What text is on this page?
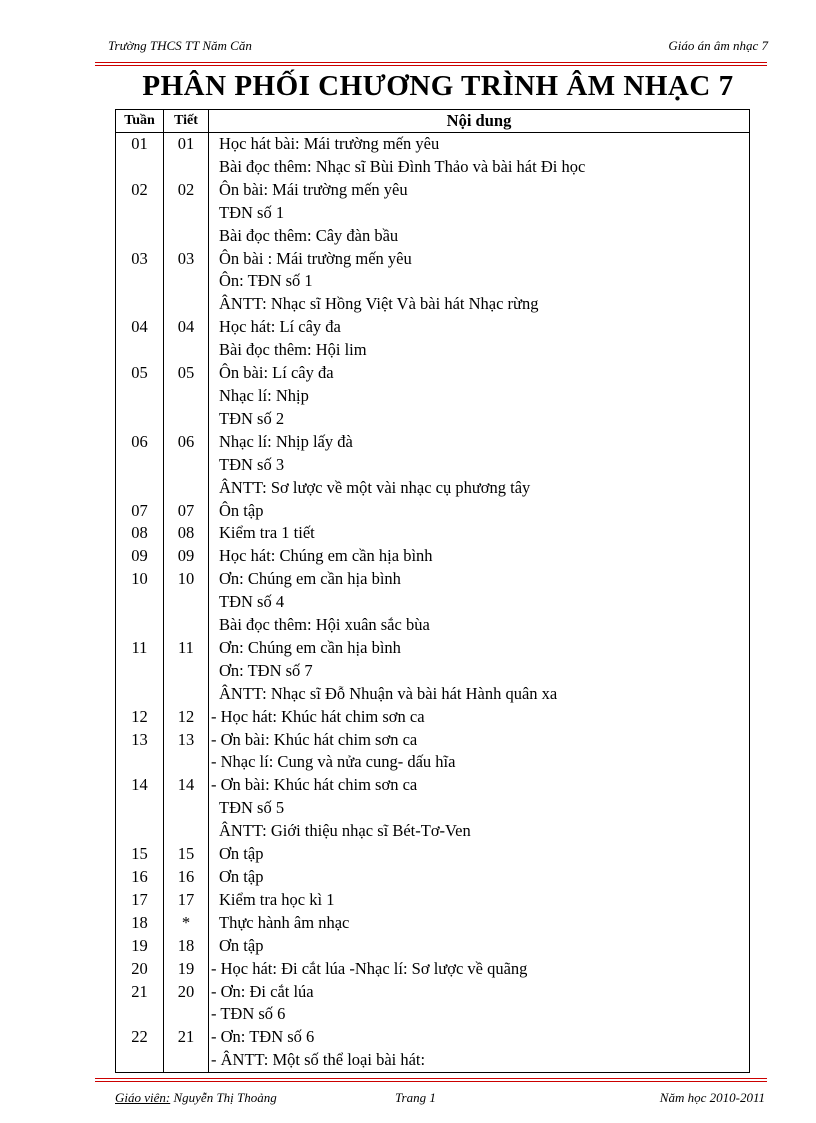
Trường THCS TT Năm Căn	Giáo án âm nhạc 7
PHÂN PHỐI CHƯƠNG TRÌNH ÂM NHẠC 7
Tuần	Tiết	Nội dung
01	01	Học hát bài: Mái trường mến yêu
		Bài đọc thêm: Nhạc sĩ Bùi Đình Thảo và bài hát Đi học
02	02	Ôn bài: Mái trường mến yêu
		TĐN số 1
		Bài đọc thêm: Cây đàn bầu
03	03	Ôn bài : Mái trường mến yêu
		Ôn: TĐN số 1
		ÂNTT: Nhạc sĩ Hồng Việt Và bài hát Nhạc rừng
04	04	Học hát: Lí cây đa
		Bài đọc thêm: Hội lim
05	05	Ôn bài: Lí cây đa
		Nhạc lí: Nhịp
		TĐN số 2
06	06	Nhạc lí: Nhịp lấy đà
		TĐN số 3
		ÂNTT: Sơ lược về một vài nhạc cụ phương tây
07	07	Ôn tập
08	08	Kiểm tra 1 tiết
09	09	Học hát: Chúng em cần hịa bình
10	10	Ơn: Chúng em cần hịa bình
		TĐN số 4
		Bài đọc thêm: Hội xuân sắc bùa
11	11	Ơn: Chúng em cần hịa bình
		Ơn: TĐN số 7
		ÂNTT: Nhạc sĩ Đỗ Nhuận và bài hát Hành quân xa
12	12	- Học hát: Khúc hát chim sơn ca
13	13	- Ơn bài: Khúc hát chim sơn ca
		- Nhạc lí: Cung và nửa cung- dấu hĩa
14	14	- Ơn bài: Khúc hát chim sơn ca
		TĐN số 5
		ÂNTT: Giới thiệu nhạc sĩ Bét-Tơ-Ven
15	15	Ơn tập
16	16	Ơn tập
17	17	Kiểm tra học kì 1
18	*	Thực hành âm nhạc
19	18	Ơn tập
20	19	- Học hát: Đi cắt lúa -Nhạc lí: Sơ lược về quãng
21	20	- Ơn: Đi cắt lúa
		- TĐN số 6
22	21	- Ơn: TĐN số 6
		- ÂNTT: Một số thể loại bài hát:
Giáo viên: Nguyễn Thị Thoảng	Trang 1	Năm học 2010-2011
